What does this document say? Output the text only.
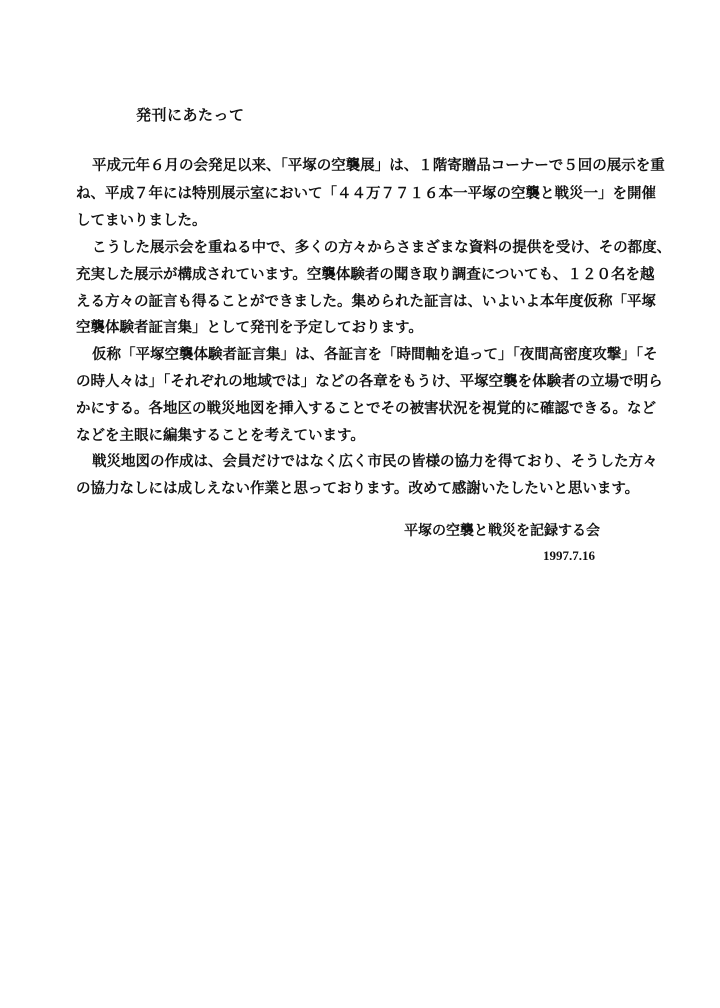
発刊にあたって
平成元年６月の会発足以来、「平塚の空襲展」は、１階寄贈品コーナーで５回の展示を重
ね、平成７年には特別展示室において「４４万７７１６本一平塚の空襲と戦災一」を開催
してまいりました。
こうした展示会を重ねる中で、多くの方々からさまざまな資料の提供を受け、その都度、
充実した展示が構成されています。空襲体験者の聞き取り調査についても、１２０名を越
える方々の証言も得ることができました。集められた証言は、いよいよ本年度仮称「平塚
空襲体験者証言集」として発刊を予定しております。
仮称「平塚空襲体験者証言集」は、各証言を「時間軸を追って」「夜間高密度攻撃」「そ
の時人々は」「それぞれの地域では」などの各章をもうけ、平塚空襲を体験者の立場で明ら
かにする。各地区の戦災地図を挿入することでその被害状況を視覚的に確認できる。など
などを主眼に編集することを考えています。
戦災地図の作成は、会員だけではなく広く市民の皆様の協力を得ており、そうした方々
の協力なしには成しえない作業と思っております。改めて感謝いたしたいと思います。
平塚の空襲と戦災を記録する会
1997.7.16
